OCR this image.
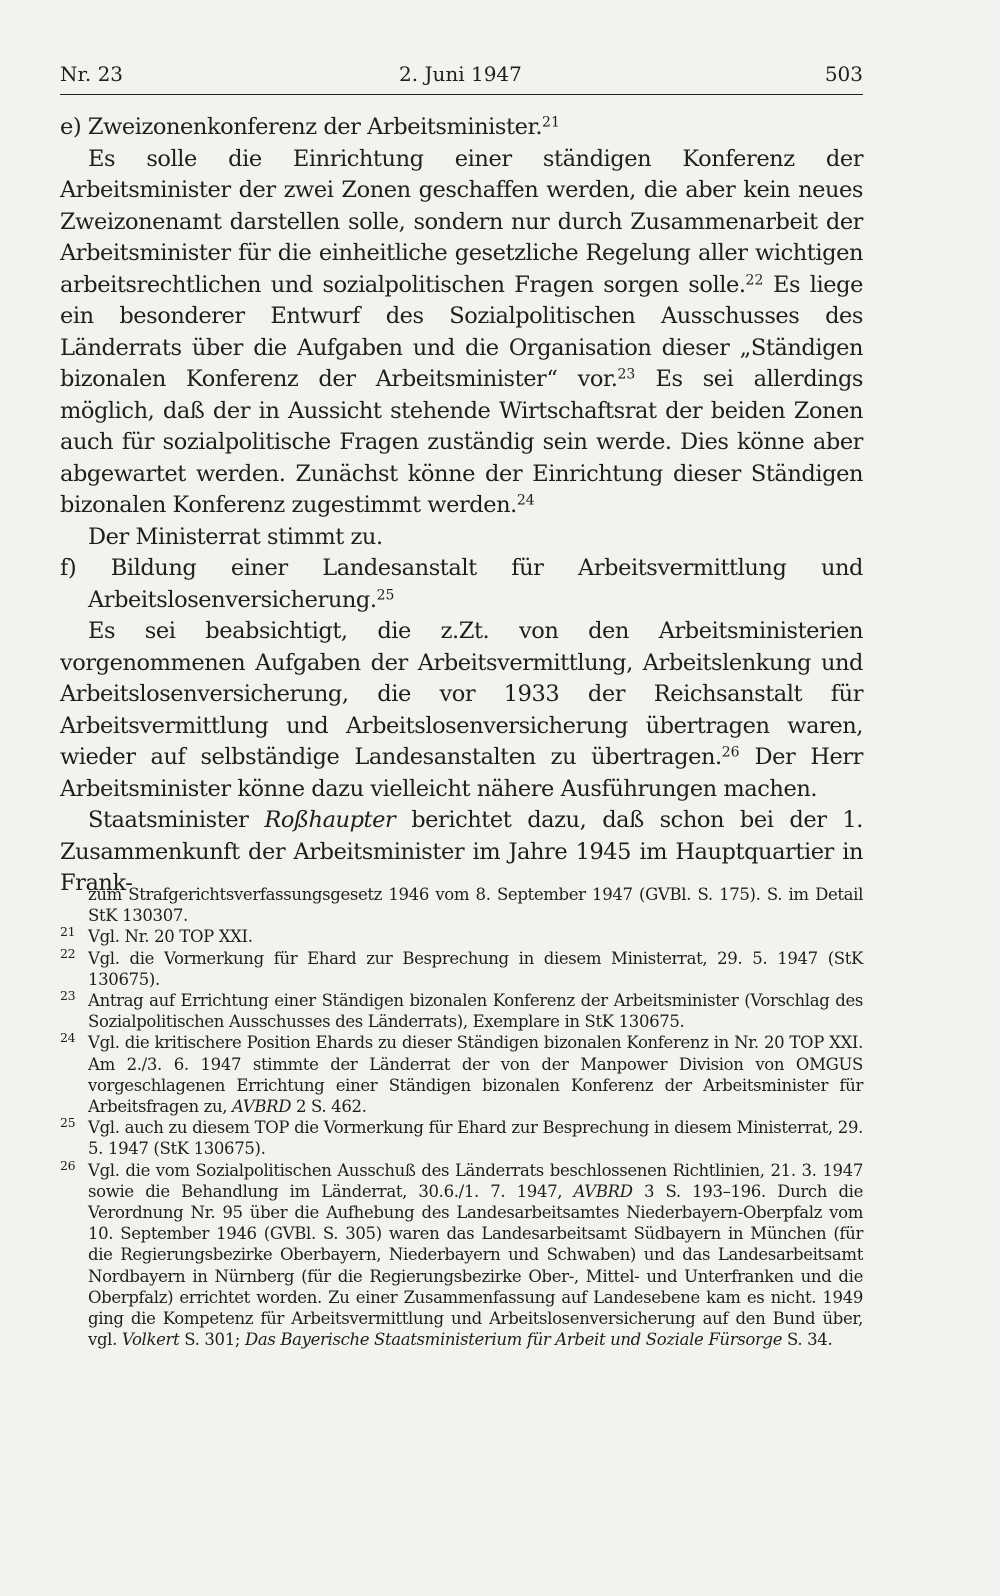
Nr. 23	2. Juni 1947	503

e) Zweizonenkonferenz der Arbeitsminister.$^{21}$

Es solle die Einrichtung einer ständigen Konferenz der Arbeitsminister der zwei Zonen geschaffen werden, die aber kein neues Zweizonenamt darstellen solle, sondern nur durch Zusammenarbeit der Arbeitsminister für die einheitliche gesetzliche Regelung aller wichtigen arbeitsrechtlichen und sozialpolitischen Fragen sorgen solle.$^{22}$ Es liege ein besonderer Entwurf des Sozialpolitischen Ausschusses des Länderrats über die Aufgaben und die Organisation dieser „Ständigen bizonalen Konferenz der Arbeitsminister“ vor.$^{23}$ Es sei allerdings möglich, daß der in Aussicht stehende Wirtschaftsrat der beiden Zonen auch für sozialpolitische Fragen zuständig sein werde. Dies könne aber abgewartet werden. Zunächst könne der Einrichtung dieser Ständigen bizonalen Konferenz zugestimmt werden.$^{24}$

Der Ministerrat stimmt zu.

f) Bildung einer Landesanstalt für Arbeitsvermittlung und Arbeitslosenversicherung.$^{25}$

Es sei beabsichtigt, die z.Zt. von den Arbeitsministerien vorgenommenen Aufgaben der Arbeitsvermittlung, Arbeitslenkung und Arbeitslosenversicherung, die vor 1933 der Reichsanstalt für Arbeitsvermittlung und Arbeitslosenversicherung übertragen waren, wieder auf selbständige Landesanstalten zu übertragen.$^{26}$ Der Herr Arbeitsminister könne dazu vielleicht nähere Ausführungen machen.

Staatsminister Roßhaupter berichtet dazu, daß schon bei der 1. Zusammenkunft der Arbeitsminister im Jahre 1945 im Hauptquartier in Frank-

zum Strafgerichtsverfassungsgesetz 1946 vom 8. September 1947 (GVBl. S. 175). S. im Detail StK 130307.

21 Vgl. Nr. 20 TOP XXI.

22 Vgl. die Vormerkung für Ehard zur Besprechung in diesem Ministerrat, 29. 5. 1947 (StK 130675).

23 Antrag auf Errichtung einer Ständigen bizonalen Konferenz der Arbeitsminister (Vorschlag des Sozialpolitischen Ausschusses des Länderrats), Exemplare in StK 130675.

24 Vgl. die kritischere Position Ehards zu dieser Ständigen bizonalen Konferenz in Nr. 20 TOP XXI. Am 2./3. 6. 1947 stimmte der Länderrat der von der Manpower Division von OMGUS vorgeschlagenen Errichtung einer Ständigen bizonalen Konferenz der Arbeitsminister für Arbeitsfragen zu, AVBRD 2 S. 462.

25 Vgl. auch zu diesem TOP die Vormerkung für Ehard zur Besprechung in diesem Ministerrat, 29. 5. 1947 (StK 130675).

26 Vgl. die vom Sozialpolitischen Ausschuß des Länderrats beschlossenen Richtlinien, 21. 3. 1947 sowie die Behandlung im Länderrat, 30.6./1. 7. 1947, AVBRD 3 S. 193–196. Durch die Verordnung Nr. 95 über die Aufhebung des Landesarbeitsamtes Niederbayern-Oberpfalz vom 10. September 1946 (GVBl. S. 305) waren das Landesarbeitsamt Südbayern in München (für die Regierungsbezirke Oberbayern, Niederbayern und Schwaben) und das Landesarbeitsamt Nordbayern in Nürnberg (für die Regierungsbezirke Ober-, Mittel- und Unterfranken und die Oberpfalz) errichtet worden. Zu einer Zusammenfassung auf Landesebene kam es nicht. 1949 ging die Kompetenz für Arbeitsvermittlung und Arbeitslosenversicherung auf den Bund über, vgl. Volkert S. 301; Das Bayerische Staatsministerium für Arbeit und Soziale Fürsorge S. 34.
